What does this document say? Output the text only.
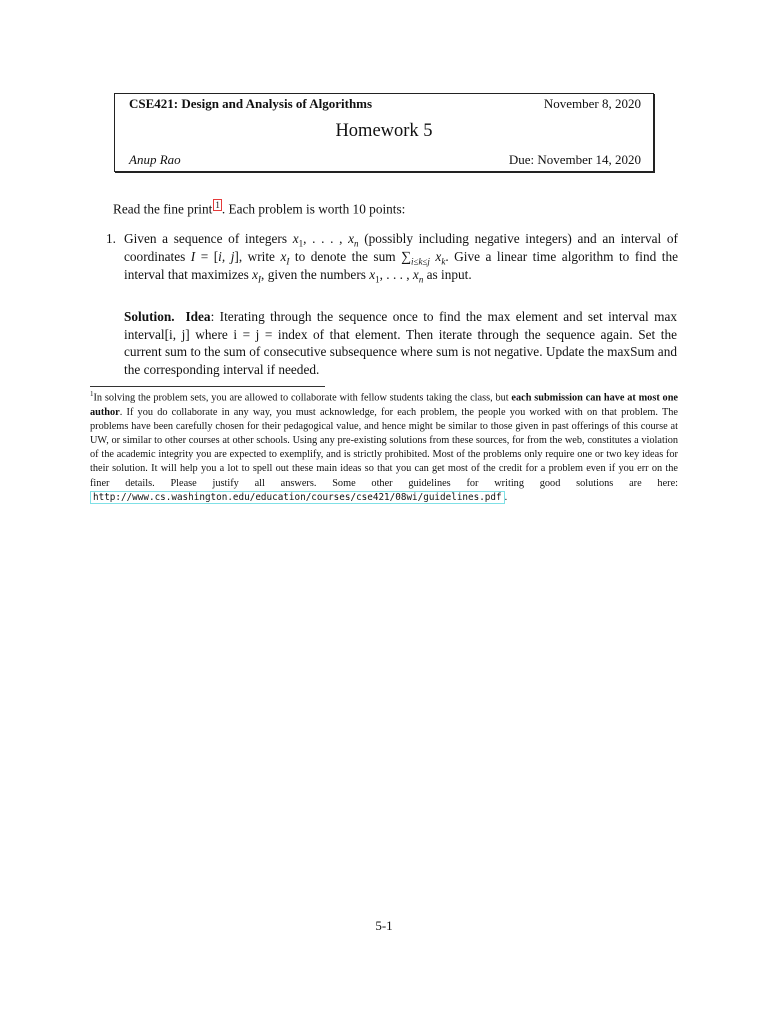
CSE421: Design and Analysis of Algorithms	November 8, 2020
Homework 5
Anup Rao	Due: November 14, 2020
Read the fine print $^1$ . Each problem is worth 10 points:
1. Given a sequence of integers $x_1$, . . . , $x_n$ (possibly including negative integers) and an interval of coordinates I = [i, j], write $x_I$ to denote the sum $\sum_{i\le k\le j}$ $x_k$. Give a linear time algorithm to find the interval that maximizes $x_I$, given the numbers $x_1$, . . . , $x_n$ as input.
Solution. Idea: Iterating through the sequence once to find the max element and set interval max interval[i, j] where i = j = index of that element. Then iterate through the sequence again. Set the current sum to the sum of consecutive subsequence where sum is not negative. Update the maxSum and the corresponding interval if needed.
$^1$In solving the problem sets, you are allowed to collaborate with fellow students taking the class, but each submission can have at most one author. If you do collaborate in any way, you must acknowledge, for each problem, the people you worked with on that problem. The problems have been carefully chosen for their pedagogical value, and hence might be similar to those given in past offerings of this course at UW, or similar to other courses at other schools. Using any pre-existing solutions from these sources, for from the web, constitutes a violation of the academic integrity you are expected to exemplify, and is strictly prohibited. Most of the problems only require one or two key ideas for their solution. It will help you a lot to spell out these main ideas so that you can get most of the credit for a problem even if you err on the finer details. Please justify all answers. Some other guidelines for writing good solutions are here: http://www.cs.washington.edu/education/courses/cse421/08wi/guidelines.pdf .
5-1
